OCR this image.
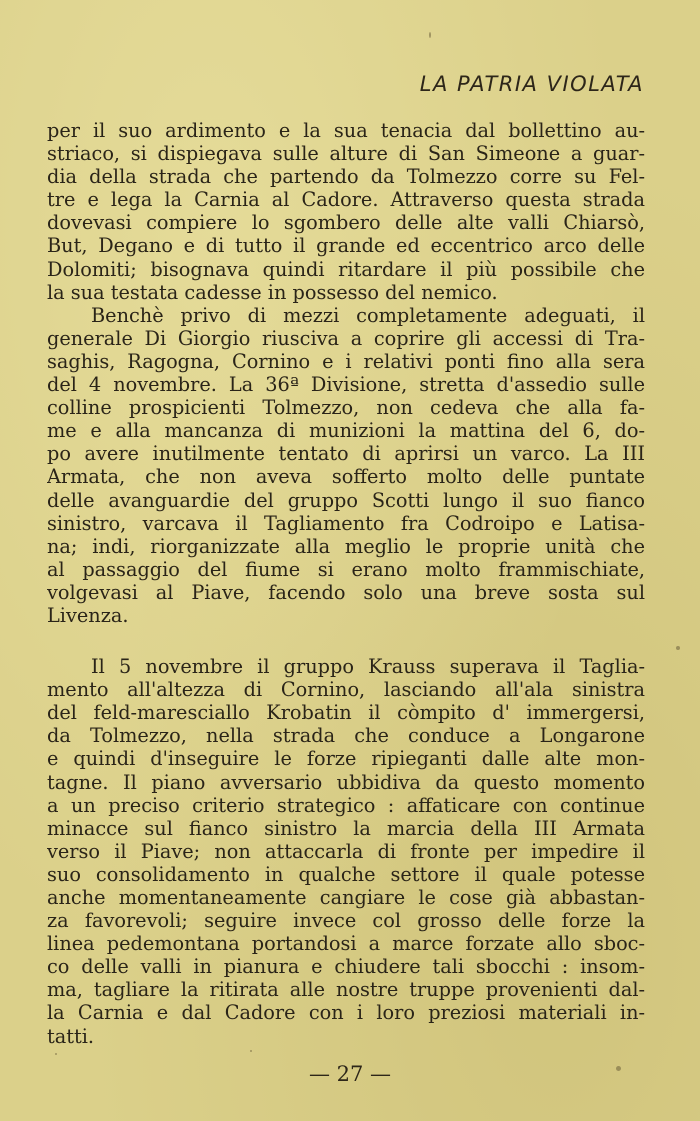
LA PATRIA VIOLATA
per il suo ardimento e la sua tenacia dal bollettino au-
striaco, si dispiegava sulle alture di San Simeone a guar-
dia della strada che partendo da Tolmezzo corre su Fel-
tre e lega la Carnia al Cadore. Attraverso questa strada
dovevasi compiere lo sgombero delle alte valli Chiarsò,
But, Degano e di tutto il grande ed eccentrico arco delle
Dolomiti; bisognava quindi ritardare il più possibile che
la sua testata cadesse in possesso del nemico.
Benchè privo di mezzi completamente adeguati, il
generale Di Giorgio riusciva a coprire gli accessi di Tra-
saghis, Ragogna, Cornino e i relativi ponti fino alla sera
del 4 novembre. La 36ª Divisione, stretta d'assedio sulle
colline prospicienti Tolmezzo, non cedeva che alla fa-
me e alla mancanza di munizioni la mattina del 6, do-
po avere inutilmente tentato di aprirsi un varco. La III
Armata, che non aveva sofferto molto delle puntate
delle avanguardie del gruppo Scotti lungo il suo fianco
sinistro, varcava il Tagliamento fra Codroipo e Latisa-
na; indi, riorganizzate alla meglio le proprie unità che
al passaggio del fiume si erano molto frammischiate,
volgevasi al Piave, facendo solo una breve sosta sul
Livenza.
Il 5 novembre il gruppo Krauss superava il Taglia-
mento all'altezza di Cornino, lasciando all'ala sinistra
del feld-maresciallo Krobatin il còmpito d' immergersi,
da Tolmezzo, nella strada che conduce a Longarone
e quindi d'inseguire le forze ripieganti dalle alte mon-
tagne. Il piano avversario ubbidiva da questo momento
a un preciso criterio strategico : affaticare con continue
minacce sul fianco sinistro la marcia della III Armata
verso il Piave; non attaccarla di fronte per impedire il
suo consolidamento in qualche settore il quale potesse
anche momentaneamente cangiare le cose già abbastan-
za favorevoli; seguire invece col grosso delle forze la
linea pedemontana portandosi a marce forzate allo sboc-
co delle valli in pianura e chiudere tali sbocchi : insom-
ma, tagliare la ritirata alle nostre truppe provenienti dal-
la Carnia e dal Cadore con i loro preziosi materiali in-
tatti.
— 27 —
